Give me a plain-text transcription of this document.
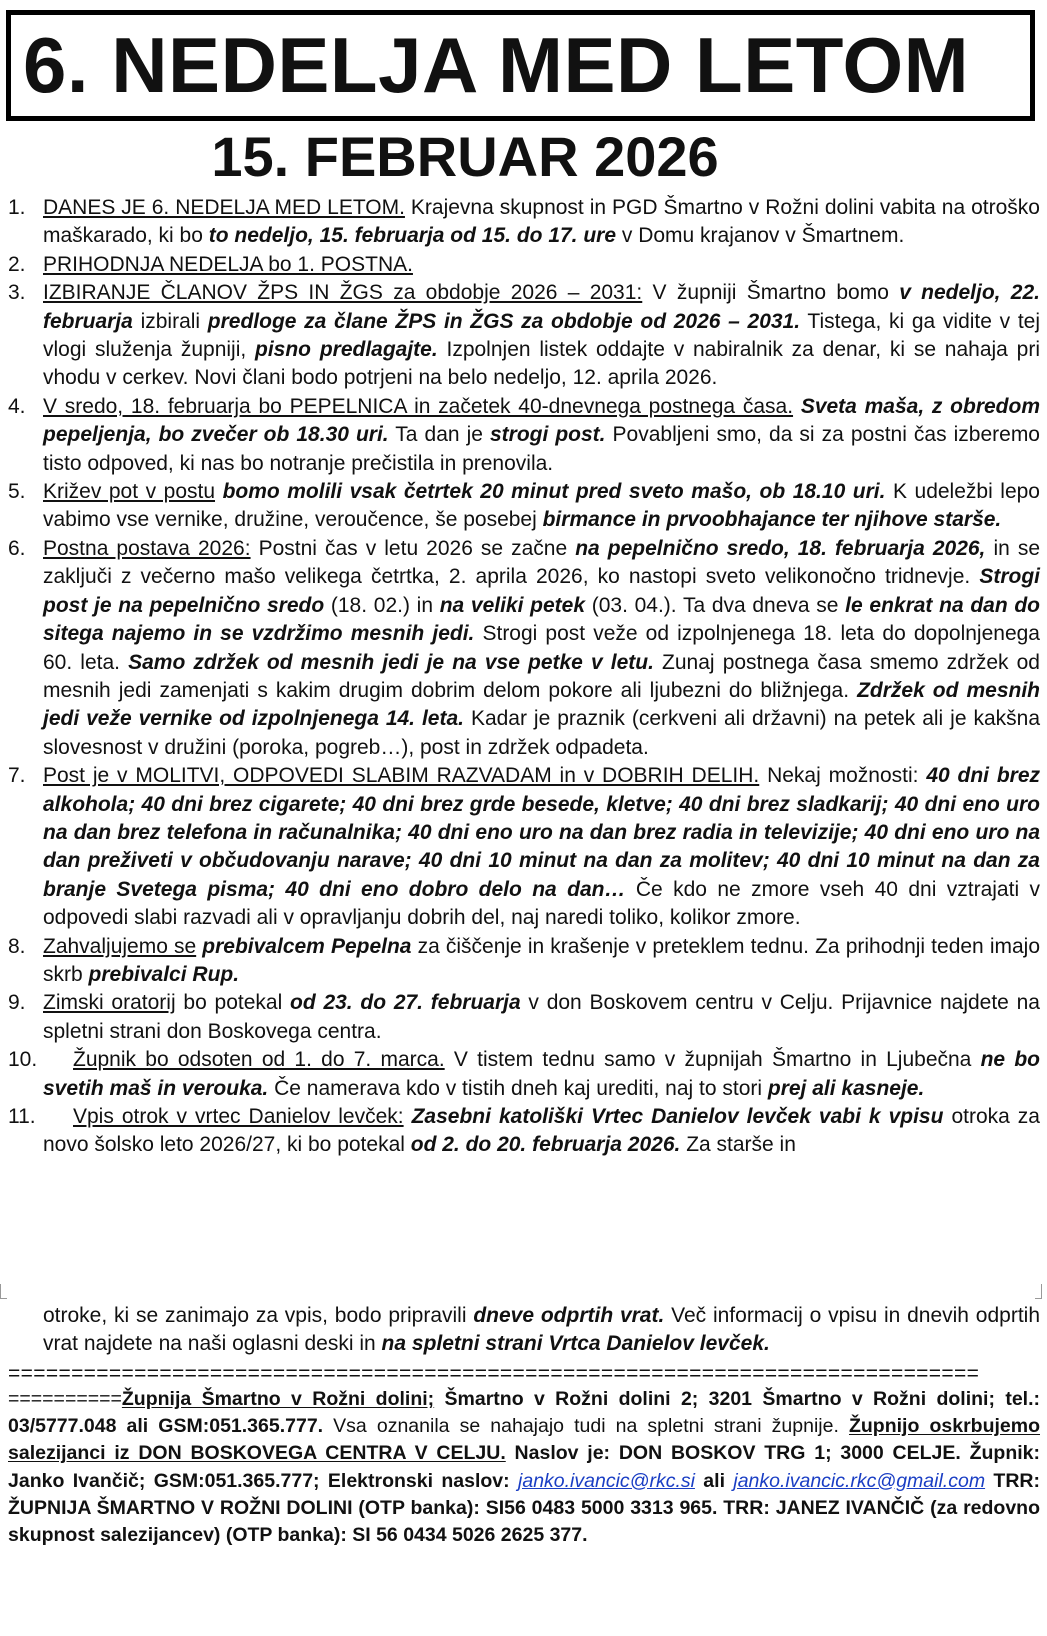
6. NEDELJA MED LETOM
15. FEBRUAR 2026
1. DANES JE 6. NEDELJA MED LETOM. Krajevna skupnost in PGD Šmartno v Rožni dolini vabita na otroško maškarado, ki bo to nedeljo, 15. februarja od 15. do 17. ure v Domu krajanov v Šmartnem.
2. PRIHODNJA NEDELJA bo 1. POSTNA.
3. IZBIRANJE ČLANOV ŽPS IN ŽGS za obdobje 2026 – 2031: V župniji Šmartno bomo v nedeljo, 22. februarja izbirali predloge za člane ŽPS in ŽGS za obdobje od 2026 – 2031. Tistega, ki ga vidite v tej vlogi služenja župniji, pisno predlagajte. Izpolnjen listek oddajte v nabiralnik za denar, ki se nahaja pri vhodu v cerkev. Novi člani bodo potrjeni na belo nedeljo, 12. aprila 2026.
4. V sredo, 18. februarja bo PEPELNICA in začetek 40-dnevnega postnega časa. Sveta maša, z obredom pepeljenja, bo zvečer ob 18.30 uri. Ta dan je strogi post. Povabljeni smo, da si za postni čas izberemo tisto odpoved, ki nas bo notranje prečistila in prenovila.
5. Križev pot v postu bomo molili vsak četrtek 20 minut pred sveto mašo, ob 18.10 uri. K udeležbi lepo vabimo vse vernike, družine, veroučence, še posebej birmance in prvoobhajance ter njihove starše.
6. Postna postava 2026: Postni čas v letu 2026 se začne na pepelnično sredo, 18. februarja 2026, in se zaključi z večerno mašo velikega četrtka, 2. aprila 2026, ko nastopi sveto velikonočno tridnevje. Strogi post je na pepelnično sredo (18. 02.) in na veliki petek (03. 04.). Ta dva dneva se le enkrat na dan do sitega najemo in se vzdržimo mesnih jedi. Strogi post veže od izpolnjenega 18. leta do dopolnjenega 60. leta. Samo zdržek od mesnih jedi je na vse petke v letu. Zunaj postnega časa smemo zdržek od mesnih jedi zamenjati s kakim drugim dobrim delom pokore ali ljubezni do bližnjega. Zdržek od mesnih jedi veže vernike od izpolnjenega 14. leta. Kadar je praznik (cerkveni ali državni) na petek ali je kakšna slovesnost v družini (poroka, pogreb…), post in zdržek odpadeta.
7. Post je v MOLITVI, ODPOVEDI SLABIM RAZVADAM in v DOBRIH DELIH. Nekaj možnosti: 40 dni brez alkohola; 40 dni brez cigarete; 40 dni brez grde besede, kletve; 40 dni brez sladkarij; 40 dni eno uro na dan brez telefona in računalnika; 40 dni eno uro na dan brez radia in televizije; 40 dni eno uro na dan preživeti v občudovanju narave; 40 dni 10 minut na dan za molitev; 40 dni 10 minut na dan za branje Svetega pisma; 40 dni eno dobro delo na dan… Če kdo ne zmore vseh 40 dni vztrajati v odpovedi slabi razvadi ali v opravljanju dobrih del, naj naredi toliko, kolikor zmore.
8. Zahvaljujemo se prebivalcem Pepelna za čiščenje in krašenje v preteklem tednu. Za prihodnji teden imajo skrb prebivalci Rup.
9. Zimski oratorij bo potekal od 23. do 27. februarja v don Boskovem centru v Celju. Prijavnice najdete na spletni strani don Boskovega centra.
10. Župnik bo odsoten od 1. do 7. marca. V tistem tednu samo v župnijah Šmartno in Ljubečna ne bo svetih maš in verouka. Če namerava kdo v tistih dneh kaj urediti, naj to stori prej ali kasneje.
11. Vpis otrok v vrtec Danielov levček: Zasebni katoliški Vrtec Danielov levček vabi k vpisu otroka za novo šolsko leto 2026/27, ki bo potekal od 2. do 20. februarja 2026. Za starše in

otroke, ki se zanimajo za vpis, bodo pripravili dneve odprtih vrat. Več informacij o vpisu in dnevih odprtih vrat najdete na naši oglasni deski in na spletni strani Vrtca Danielov levček.

=============================================================================

==========Župnija Šmartno v Rožni dolini; Šmartno v Rožni dolini 2; 3201 Šmartno v Rožni dolini; tel.: 03/5777.048 ali GSM:051.365.777. Vsa oznanila se nahajajo tudi na spletni strani župnije. Župnijo oskrbujemo salezijanci iz DON BOSKOVEGA CENTRA V CELJU. Naslov je: DON BOSKOV TRG 1; 3000 CELJE. Župnik: Janko Ivančič; GSM:051.365.777; Elektronski naslov: janko.ivancic@rkc.si ali janko.ivancic.rkc@gmail.com TRR: ŽUPNIJA ŠMARTNO V ROŽNI DOLINI (OTP banka): SI56 0483 5000 3313 965. TRR: JANEZ IVANČIČ (za redovno skupnost salezijancev) (OTP banka): SI 56 0434 5026 2625 377.
